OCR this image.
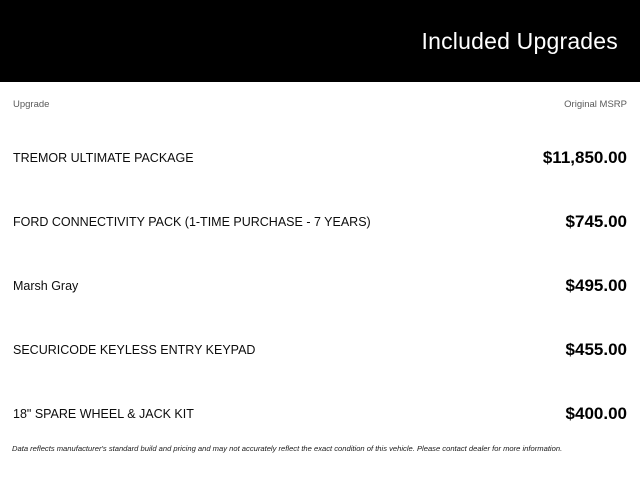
Included Upgrades
Upgrade	Original MSRP
TREMOR ULTIMATE PACKAGE	$11,850.00
FORD CONNECTIVITY PACK (1-TIME PURCHASE - 7 YEARS)	$745.00
Marsh Gray	$495.00
SECURICODE KEYLESS ENTRY KEYPAD	$455.00
18" SPARE WHEEL & JACK KIT	$400.00
Data reflects manufacturer's standard build and pricing and may not accurately reflect the exact condition of this vehicle. Please contact dealer for more information.
